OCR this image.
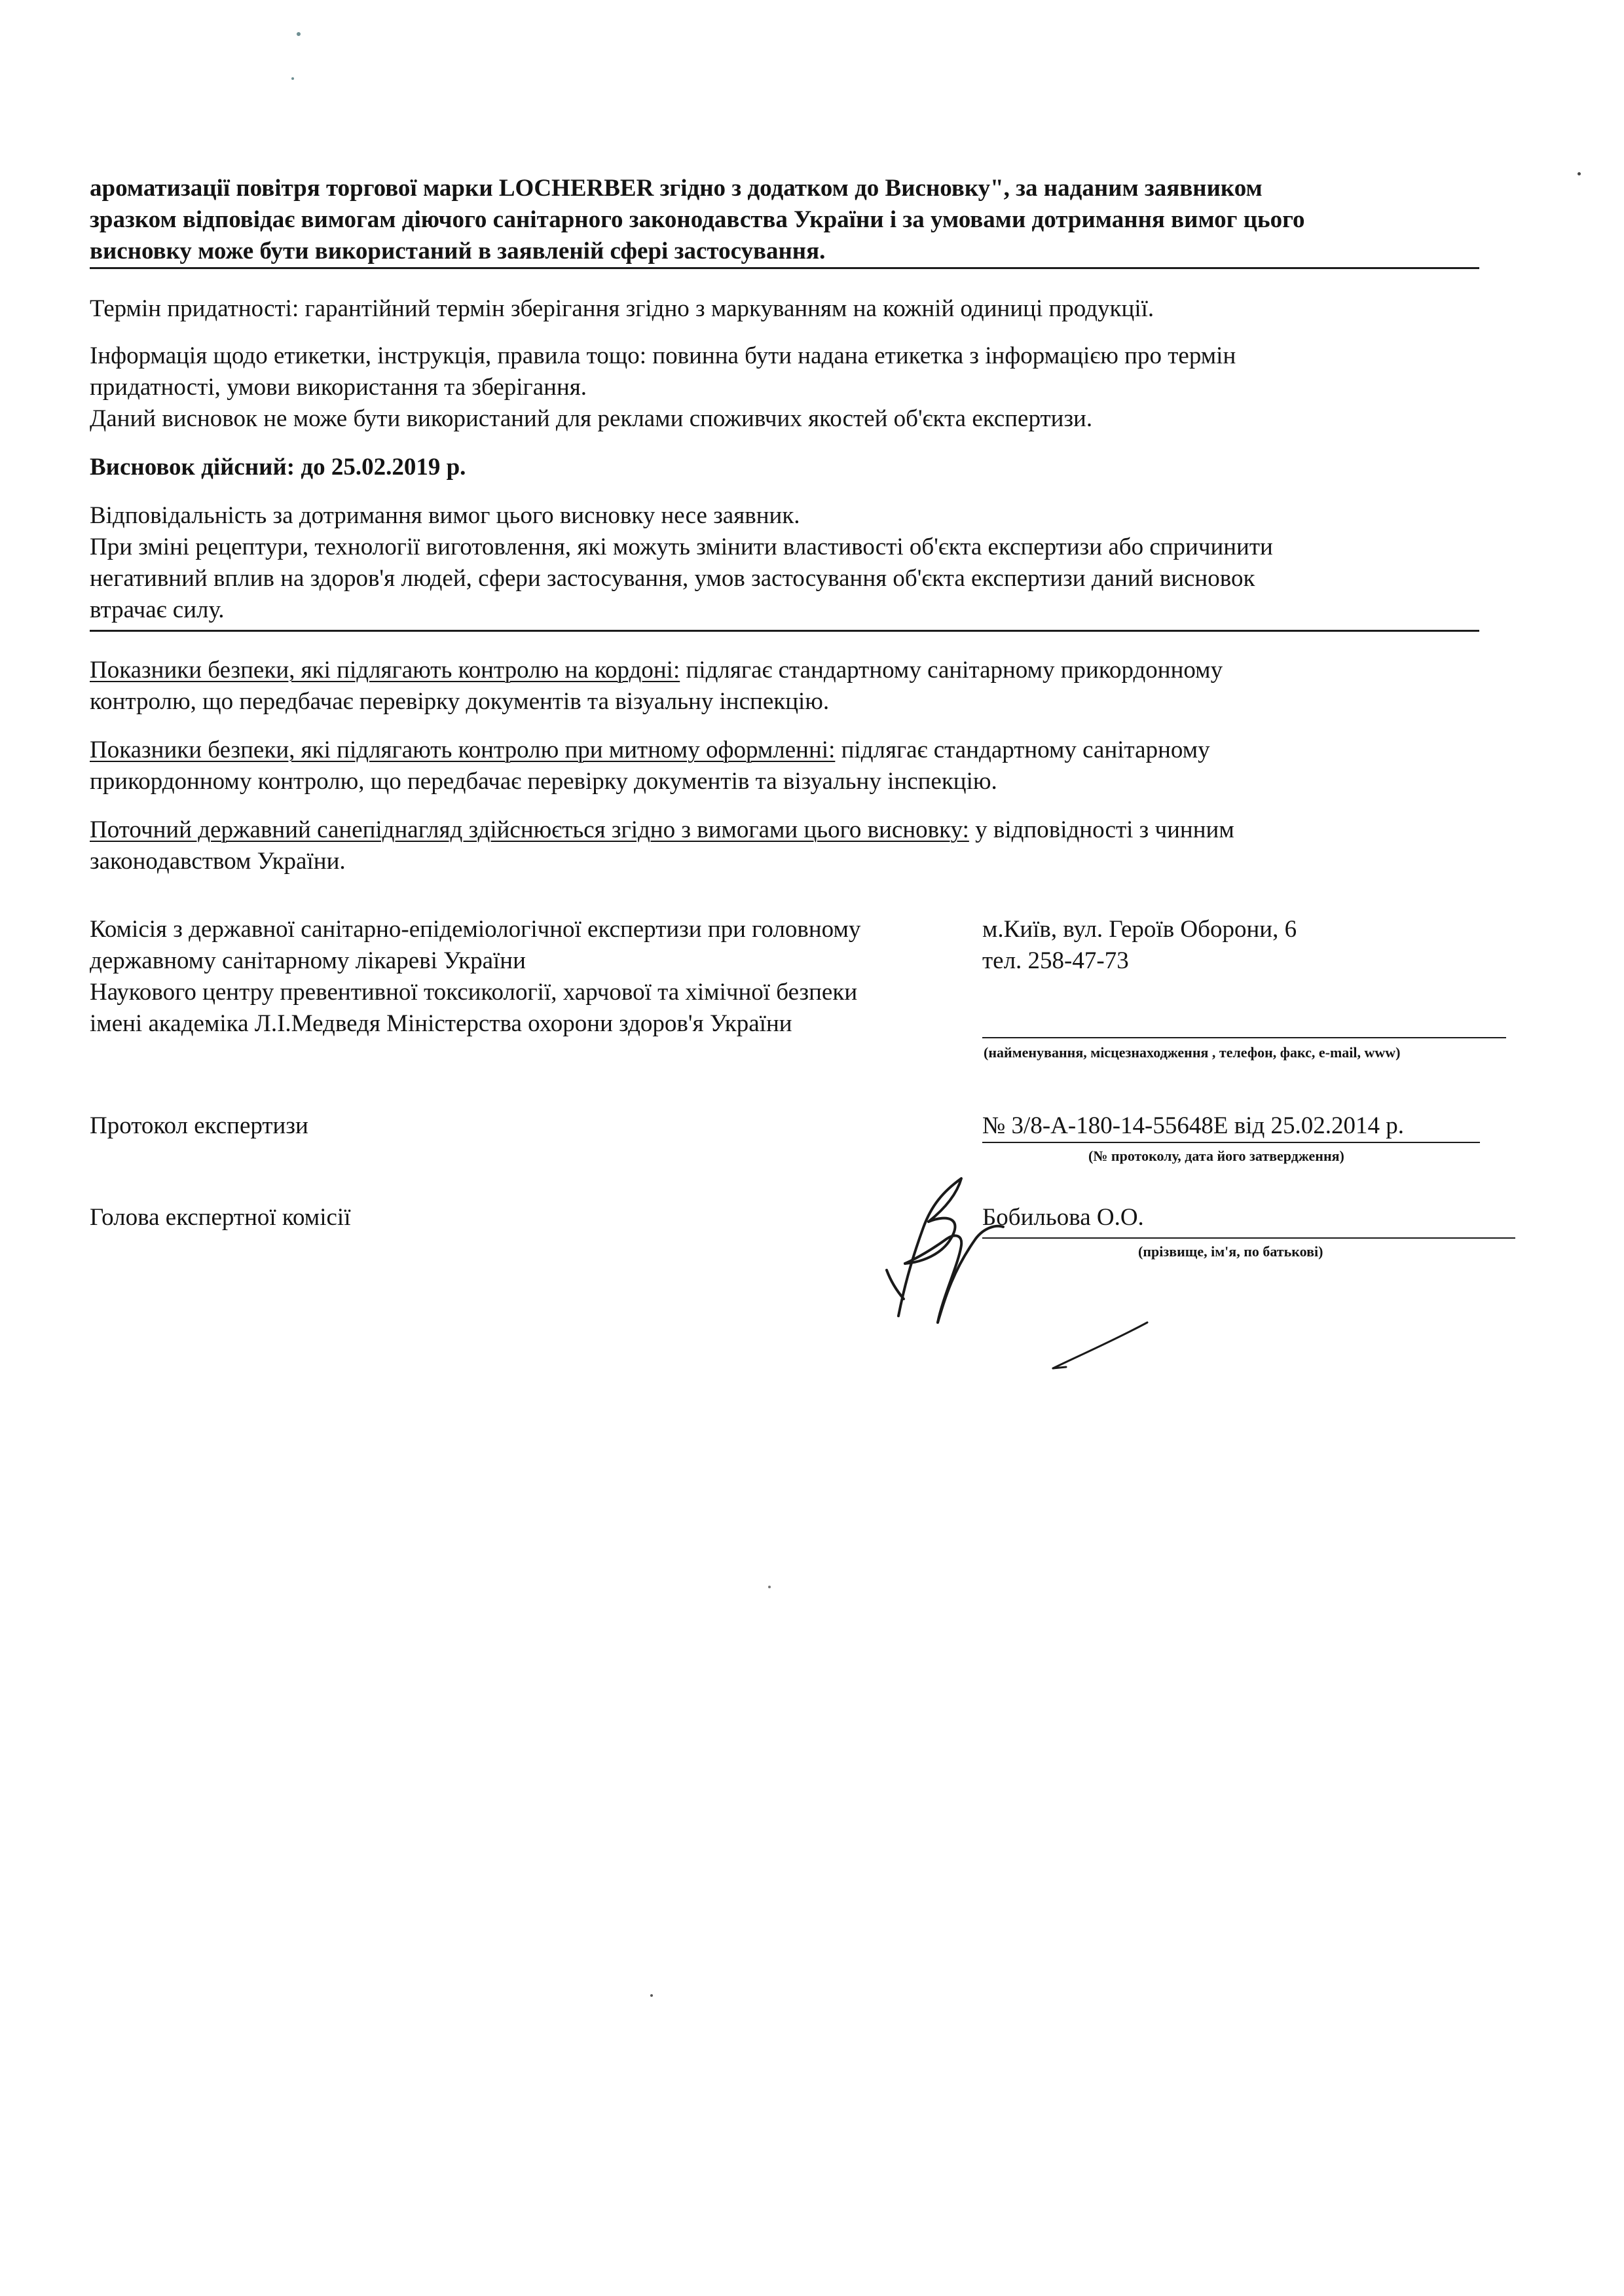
ароматизації повітря торгової марки LOCHERBER згідно з додатком до Висновку", за наданим заявником
зразком відповідає вимогам діючого санітарного законодавства України і за умовами дотримання вимог цього
висновку може бути використаний в заявленій сфері застосування.
Термін придатності: гарантійний термін зберігання згідно з маркуванням на кожній одиниці продукції.
Інформація щодо етикетки, інструкція, правила тощо: повинна бути надана етикетка з інформацією про термін
придатності, умови використання та зберігання.
Даний висновок не може бути використаний для реклами споживчих якостей об'єкта експертизи.
Висновок дійсний: до 25.02.2019 р.
Відповідальність за дотримання вимог цього висновку несе заявник.
При зміні рецептури, технології виготовлення, які можуть змінити властивості об'єкта експертизи або спричинити
негативний вплив на здоров'я людей, сфери застосування, умов застосування об'єкта експертизи даний висновок
втрачає силу.
Показники безпеки, які підлягають контролю на кордоні: підлягає стандартному санітарному прикордонному
контролю, що передбачає перевірку документів та візуальну інспекцію.
Показники безпеки, які підлягають контролю при митному оформленні: підлягає стандартному санітарному
прикордонному контролю, що передбачає перевірку документів та візуальну інспекцію.
Поточний державний санепіднагляд здійснюється згідно з вимогами цього висновку: у відповідності з чинним
законодавством України.
Комісія з державної санітарно-епідеміологічної експертизи при головному
державному санітарному лікареві України
Наукового центру превентивної токсикології, харчової та хімічної безпеки
імені академіка Л.І.Медведя Міністерства охорони здоров'я України
м.Київ, вул. Героїв Оборони, 6
тел. 258-47-73
(найменування, місцезнаходження , телефон, факс, e-mail, www)
Протокол експертизи	№ 3/8-А-180-14-55648Е від 25.02.2014 р.
(№ протоколу, дата його затвердження)
Голова експертної комісії	Бобильова О.О.
(прізвище, ім'я, по батькові)
